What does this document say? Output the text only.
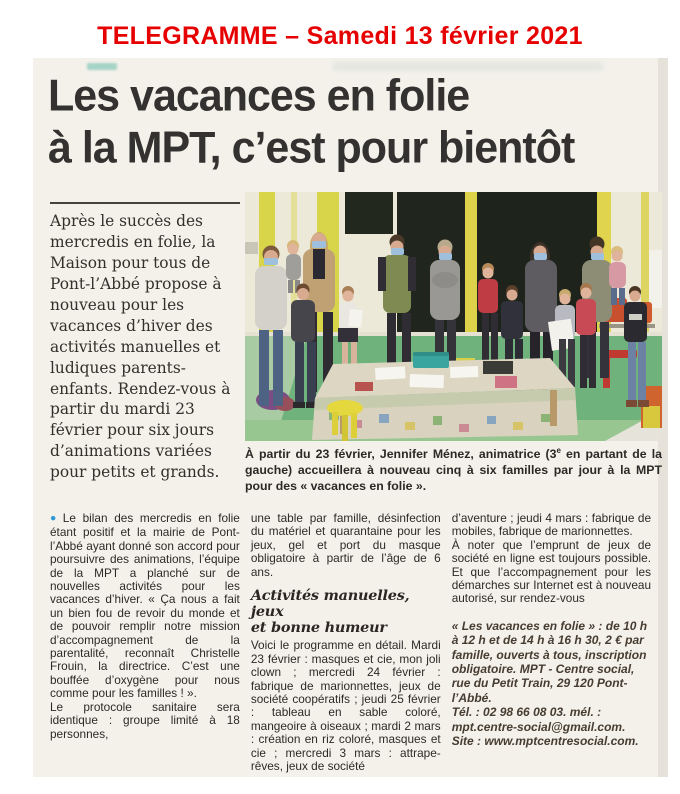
TELEGRAMME – Samedi 13 février 2021
Les vacances en folie
à la MPT, c’est pour bientôt

Après le succès des mercredis en folie, la Maison pour tous de Pont-l’Abbé propose à nouveau pour les vacances d’hiver des activités manuelles et ludiques parents-enfants. Rendez-vous à partir du mardi 23 février pour six jours d’animations variées pour petits et grands.

À partir du 23 février, Jennifer Ménez, animatrice (3e en partant de la gauche) accueillera à nouveau cinq à six familles par jour à la MPT pour des « vacances en folie ».

● Le bilan des mercredis en folie étant positif et la mairie de Pont-l’Abbé ayant donné son accord pour poursuivre des animations, l’équipe de la MPT a planché sur de nouvelles activités pour les vacances d’hiver. « Ça nous a fait un bien fou de revoir du monde et de pouvoir remplir notre mission d’accompagnement de la parentalité, reconnaît Christelle Frouin, la directrice. C’est une bouffée d’oxygène pour nous comme pour les familles ! ».

Le protocole sanitaire sera identique : groupe limité à 18 personnes,

une table par famille, désinfection du matériel et quarantaine pour les jeux, gel et port du masque obligatoire à partir de l’âge de 6 ans.

Activités manuelles, jeux
et bonne humeur

Voici le programme en détail. Mardi 23 février : masques et cie, mon joli clown ; mercredi 24 février : fabrique de marionnettes, jeux de société coopératifs ; jeudi 25 février : tableau en sable coloré, mangeoire à oiseaux ; mardi 2 mars : création en riz coloré, masques et cie ; mercredi 3 mars : attrape-rêves, jeux de société

d’aventure ; jeudi 4 mars : fabrique de mobiles, fabrique de marionnettes.

À noter que l’emprunt de jeux de société en ligne est toujours possible. Et que l’accompagnement pour les démarches sur Internet est à nouveau autorisé, sur rendez-vous

« Les vacances en folie » : de 10 h à 12 h et de 14 h à 16 h 30, 2 € par famille, ouverts à tous, inscription obligatoire. MPT - Centre social, rue du Petit Train, 29 120 Pont-l’Abbé.

Tél. : 02 98 66 08 03. mél. : mpt.centre-social@gmail.com.

Site : www.mptcentresocial.com.
